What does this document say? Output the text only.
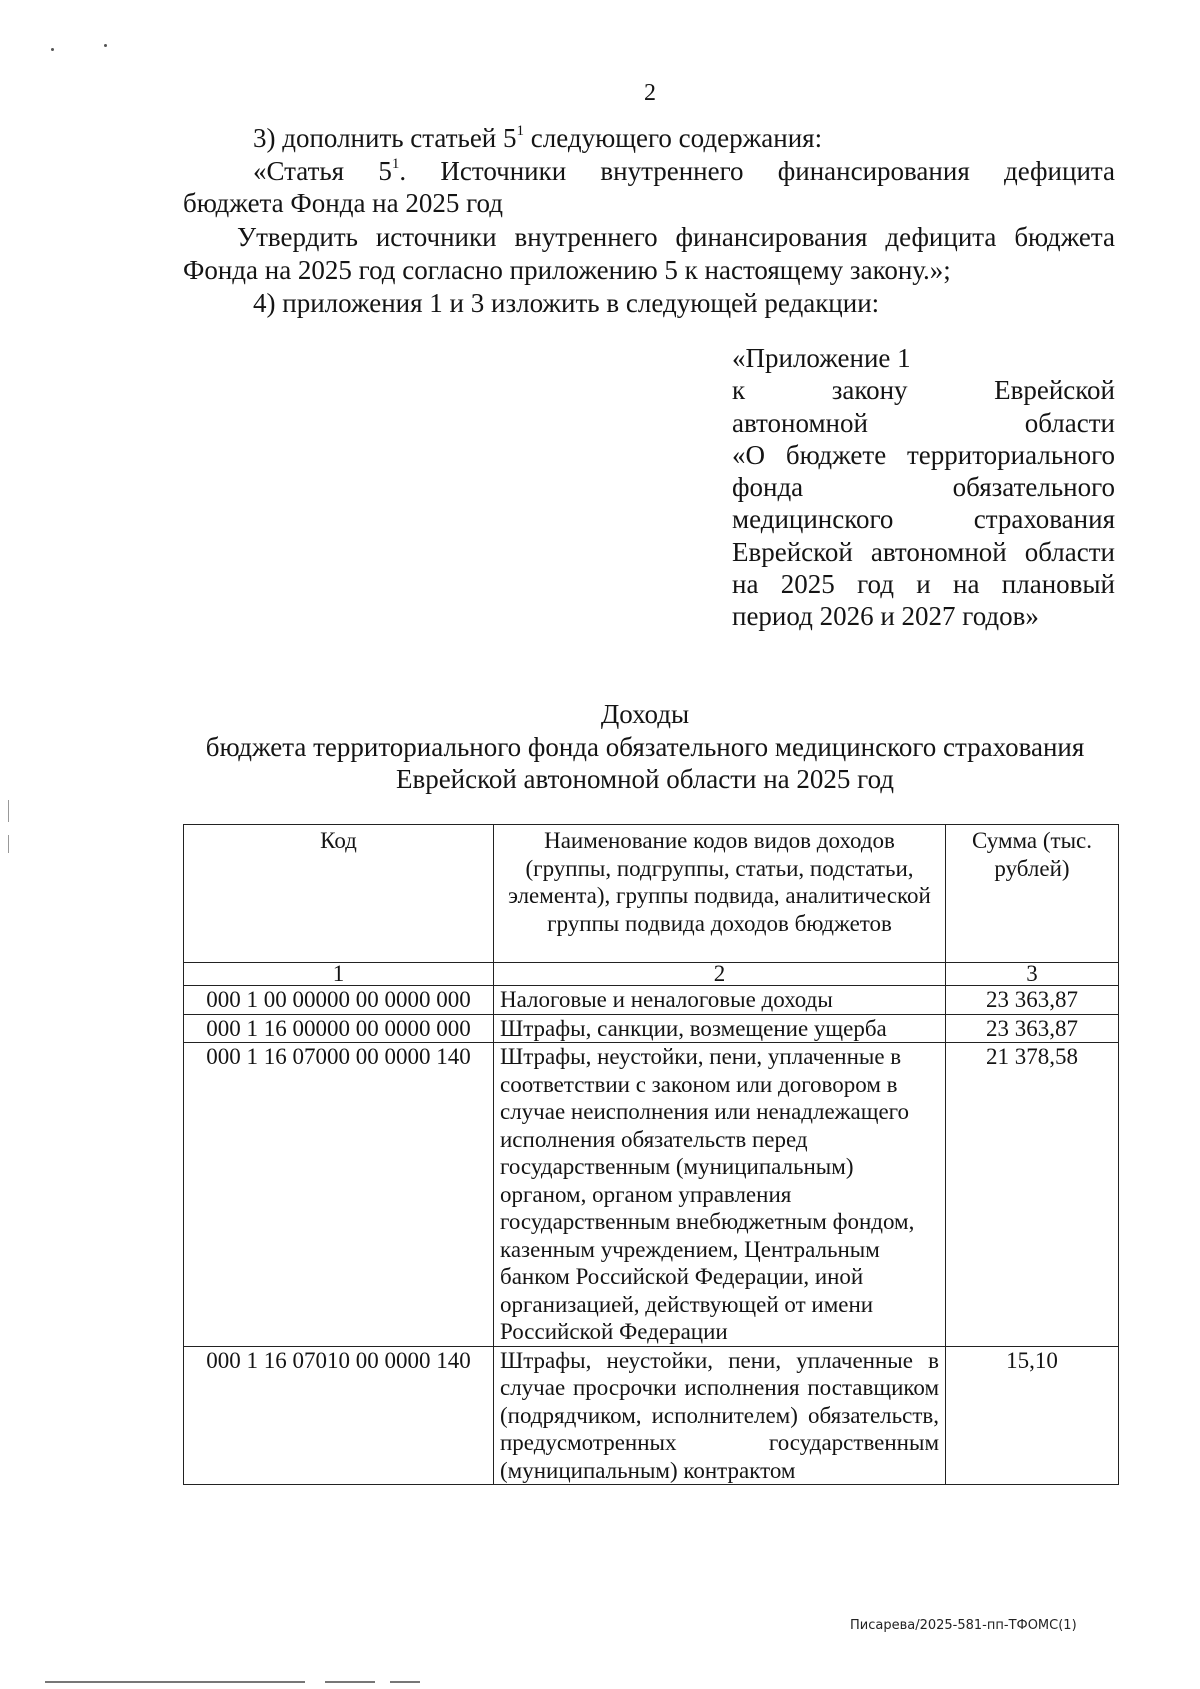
2

3) дополнить статьей $5^1$ следующего содержания:

«Статья $5^1$. Источники внутреннего финансирования дефицита

бюджета Фонда на 2025 год

Утвердить источники внутреннего финансирования дефицита бюджета

Фонда на 2025 год согласно приложению 5 к настоящему закону.»;

4) приложения 1 и 3 изложить в следующей редакции:

«Приложение 1
к закону Еврейской
автономной области
«О бюджете территориального
фонда обязательного
медицинского страхования
Еврейской автономной области
на 2025 год и на плановый
период 2026 и 2027 годов»
Доходы
бюджета территориального фонда обязательного медицинского страхования
Еврейской автономной области на 2025 год
Код	Наименование кодов видов доходов (группы, подгруппы, статьи, подстатьи, элемента), группы подвида, аналитической группы подвида доходов бюджетов	Сумма (тыс. рублей)
1	2	3
000 1 00 00000 00 0000 000	Налоговые и неналоговые доходы	23 363,87
000 1 16 00000 00 0000 000	Штрафы, санкции, возмещение ущерба	23 363,87
000 1 16 07000 00 0000 140	Штрафы, неустойки, пени, уплаченные в соответствии с законом или договором в случае неисполнения или ненадлежащего исполнения обязательств перед государственным (муниципальным) органом, органом управления государственным внебюджетным фондом, казенным учреждением, Центральным банком Российской Федерации, иной организацией, действующей от имени Российской Федерации	21 378,58
000 1 16 07010 00 0000 140	Штрафы, неустойки, пени, уплаченные в случае просрочки исполнения поставщиком (подрядчиком, исполнителем) обязательств, предусмотренных государственным (муниципальным) контрактом	15,10
Писарева/2025-581-пп-ТФОМС(1)
